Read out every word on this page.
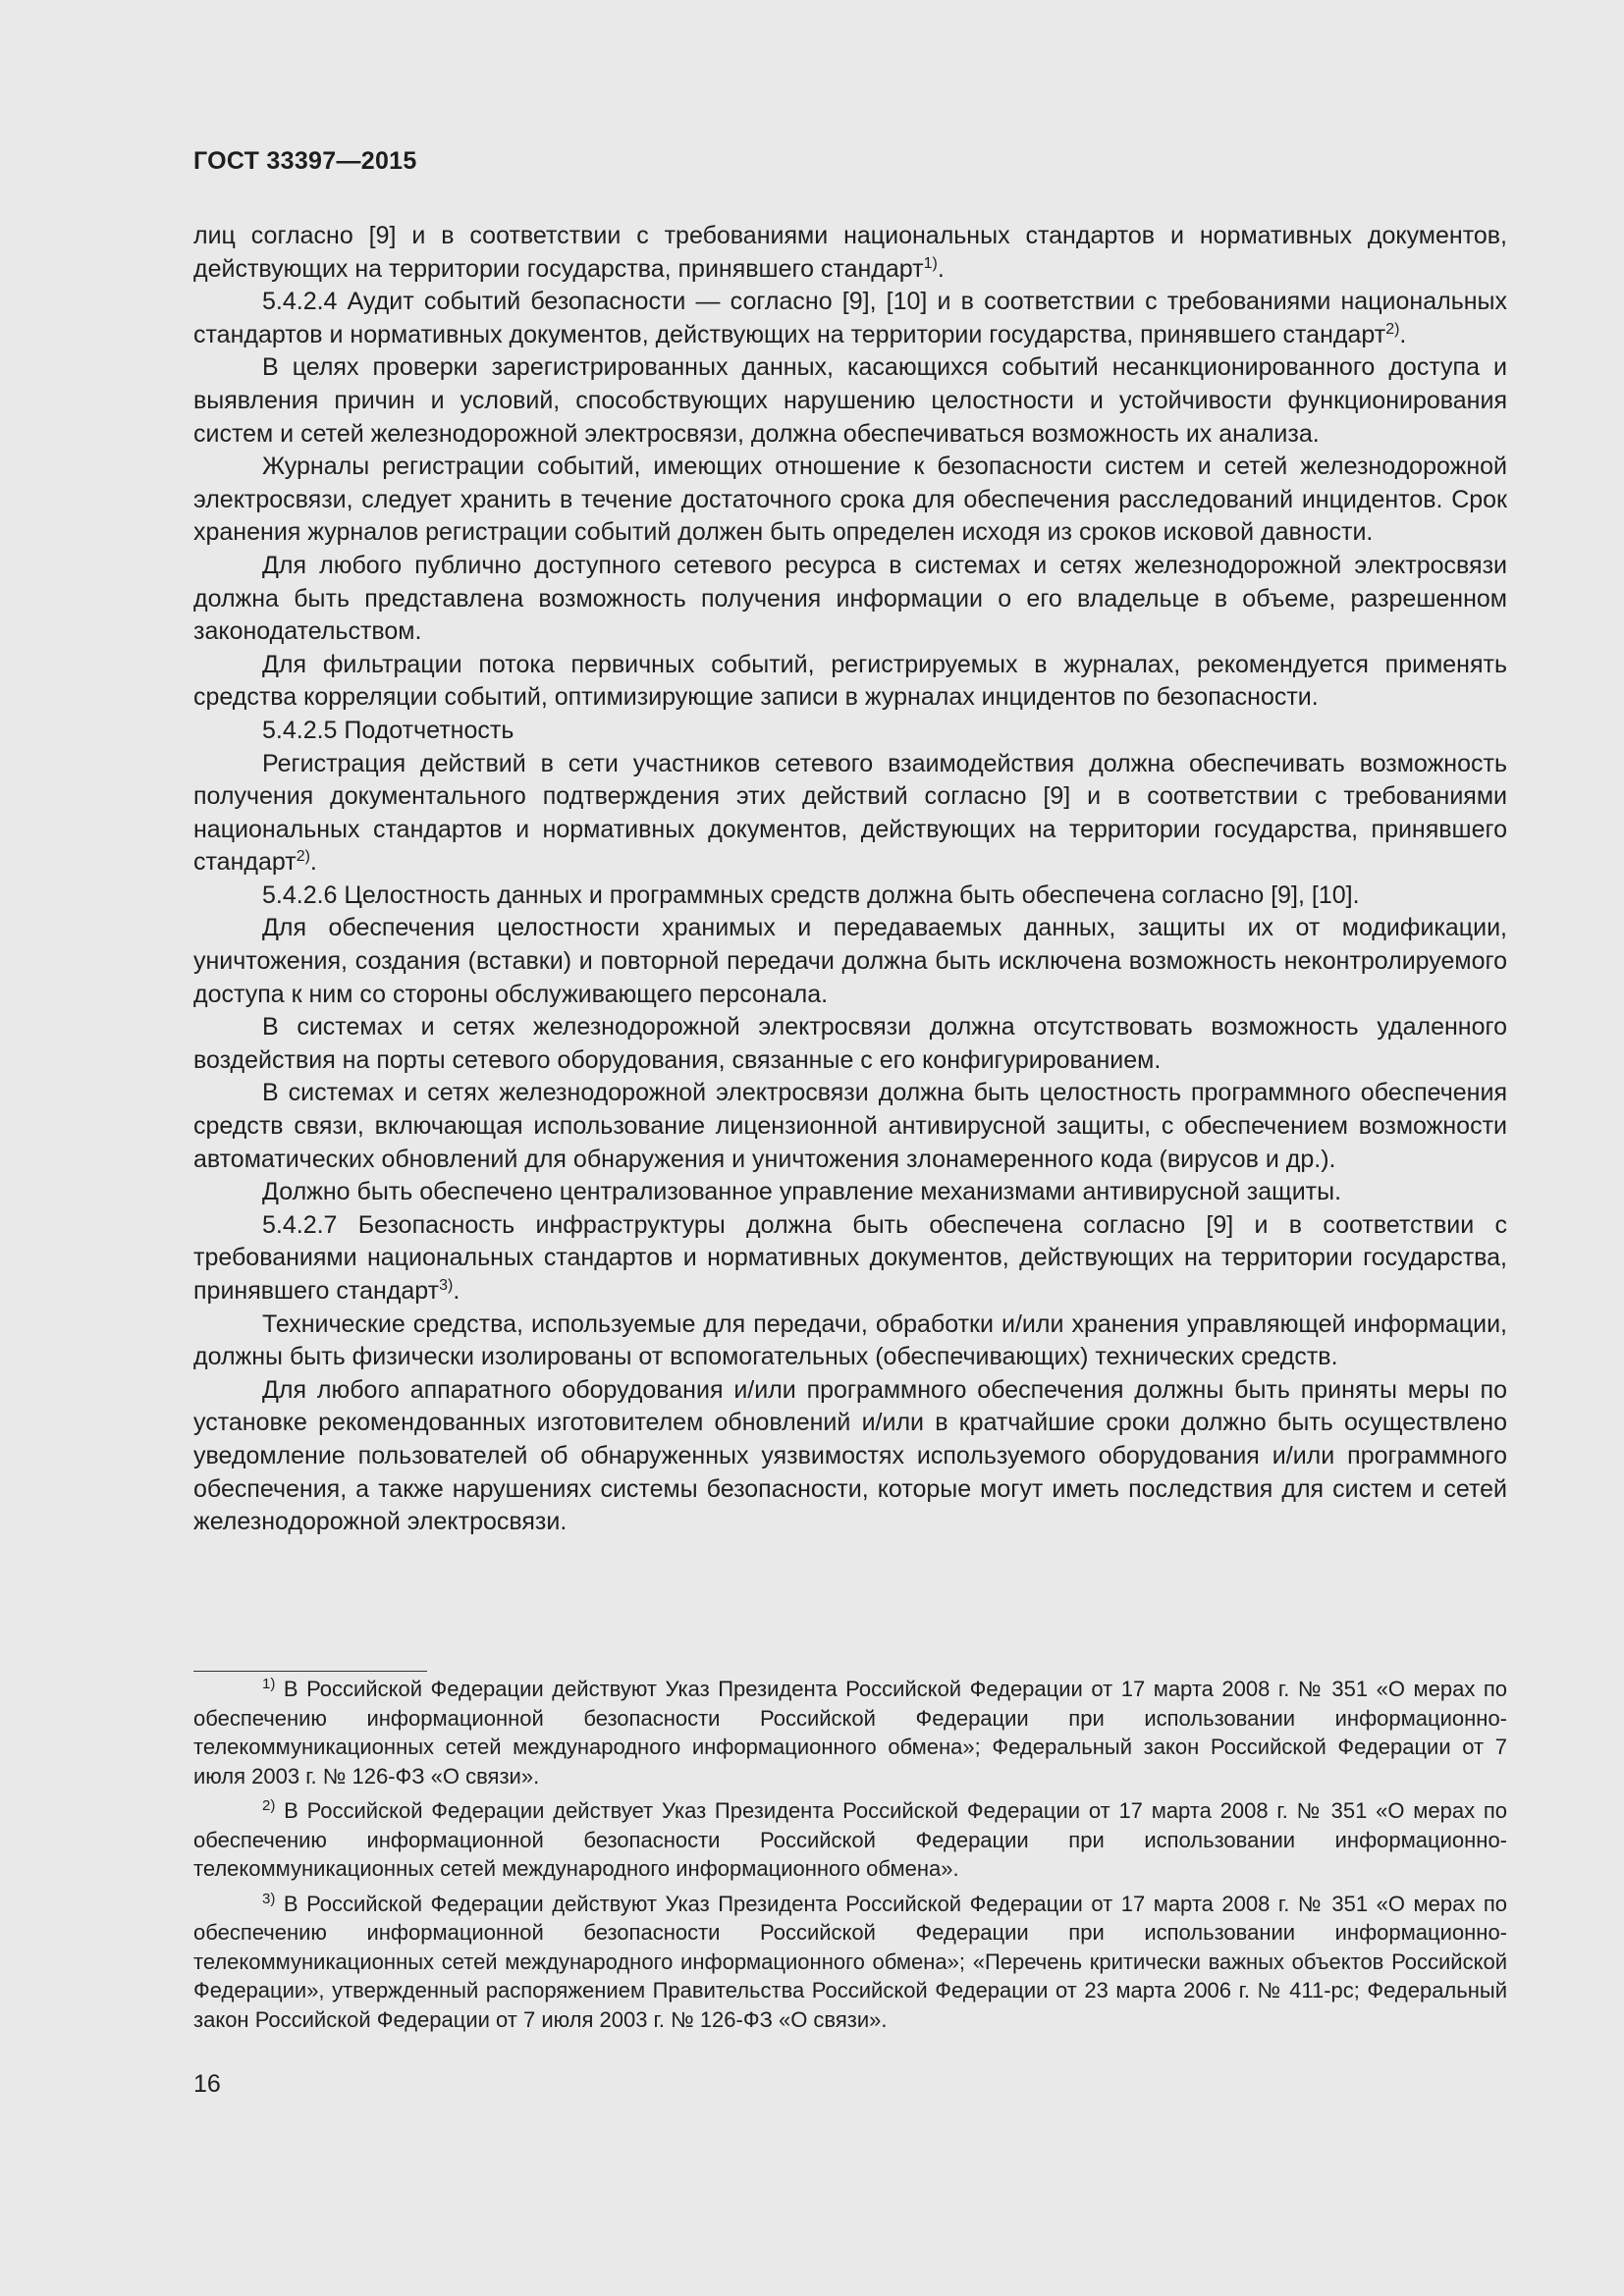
ГОСТ 33397—2015

лиц согласно [9] и в соответствии с требованиями национальных стандартов и нормативных документов, действующих на территории государства, принявшего стандарт$^{1)}$.

5.4.2.4 Аудит событий безопасности — согласно [9], [10] и в соответствии с требованиями национальных стандартов и нормативных документов, действующих на территории государства, принявшего стандарт$^{2)}$.

В целях проверки зарегистрированных данных, касающихся событий несанкционированного доступа и выявления причин и условий, способствующих нарушению целостности и устойчивости функционирования систем и сетей железнодорожной электросвязи, должна обеспечиваться возможность их анализа.

Журналы регистрации событий, имеющих отношение к безопасности систем и сетей железнодорожной электросвязи, следует хранить в течение достаточного срока для обеспечения расследований инцидентов. Срок хранения журналов регистрации событий должен быть определен исходя из сроков исковой давности.

Для любого публично доступного сетевого ресурса в системах и сетях железнодорожной электросвязи должна быть представлена возможность получения информации о его владельце в объеме, разрешенном законодательством.

Для фильтрации потока первичных событий, регистрируемых в журналах, рекомендуется применять средства корреляции событий, оптимизирующие записи в журналах инцидентов по безопасности.

5.4.2.5 Подотчетность

Регистрация действий в сети участников сетевого взаимодействия должна обеспечивать возможность получения документального подтверждения этих действий согласно [9] и в соответствии с требованиями национальных стандартов и нормативных документов, действующих на территории государства, принявшего стандарт$^{2)}$.

5.4.2.6 Целостность данных и программных средств должна быть обеспечена согласно [9], [10].

Для обеспечения целостности хранимых и передаваемых данных, защиты их от модификации, уничтожения, создания (вставки) и повторной передачи должна быть исключена возможность неконтролируемого доступа к ним со стороны обслуживающего персонала.

В системах и сетях железнодорожной электросвязи должна отсутствовать возможность удаленного воздействия на порты сетевого оборудования, связанные с его конфигурированием.

В системах и сетях железнодорожной электросвязи должна быть целостность программного обеспечения средств связи, включающая использование лицензионной антивирусной защиты, с обеспечением возможности автоматических обновлений для обнаружения и уничтожения злонамеренного кода (вирусов и др.).

Должно быть обеспечено централизованное управление механизмами антивирусной защиты.

5.4.2.7 Безопасность инфраструктуры должна быть обеспечена согласно [9] и в соответствии с требованиями национальных стандартов и нормативных документов, действующих на территории государства, принявшего стандарт$^{3)}$.

Технические средства, используемые для передачи, обработки и/или хранения управляющей информации, должны быть физически изолированы от вспомогательных (обеспечивающих) технических средств.

Для любого аппаратного оборудования и/или программного обеспечения должны быть приняты меры по установке рекомендованных изготовителем обновлений и/или в кратчайшие сроки должно быть осуществлено уведомление пользователей об обнаруженных уязвимостях используемого оборудования и/или программного обеспечения, а также нарушениях системы безопасности, которые могут иметь последствия для систем и сетей железнодорожной электросвязи.

$^{1)}$ В Российской Федерации действуют Указ Президента Российской Федерации от 17 марта 2008 г. № 351 «О мерах по обеспечению информационной безопасности Российской Федерации при использовании информационно-телекоммуникационных сетей международного информационного обмена»; Федеральный закон Российской Федерации от 7 июля 2003 г. № 126-ФЗ «О связи».

$^{2)}$ В Российской Федерации действует Указ Президента Российской Федерации от 17 марта 2008 г. № 351 «О мерах по обеспечению информационной безопасности Российской Федерации при использовании информационно-телекоммуникационных сетей международного информационного обмена».

$^{3)}$ В Российской Федерации действуют Указ Президента Российской Федерации от 17 марта 2008 г. № 351 «О мерах по обеспечению информационной безопасности Российской Федерации при использовании информационно-телекоммуникационных сетей международного информационного обмена»; «Перечень критически важных объектов Российской Федерации», утвержденный распоряжением Правительства Российской Федерации от 23 марта 2006 г. № 411-рс; Федеральный закон Российской Федерации от 7 июля 2003 г. № 126-ФЗ «О связи».

16
